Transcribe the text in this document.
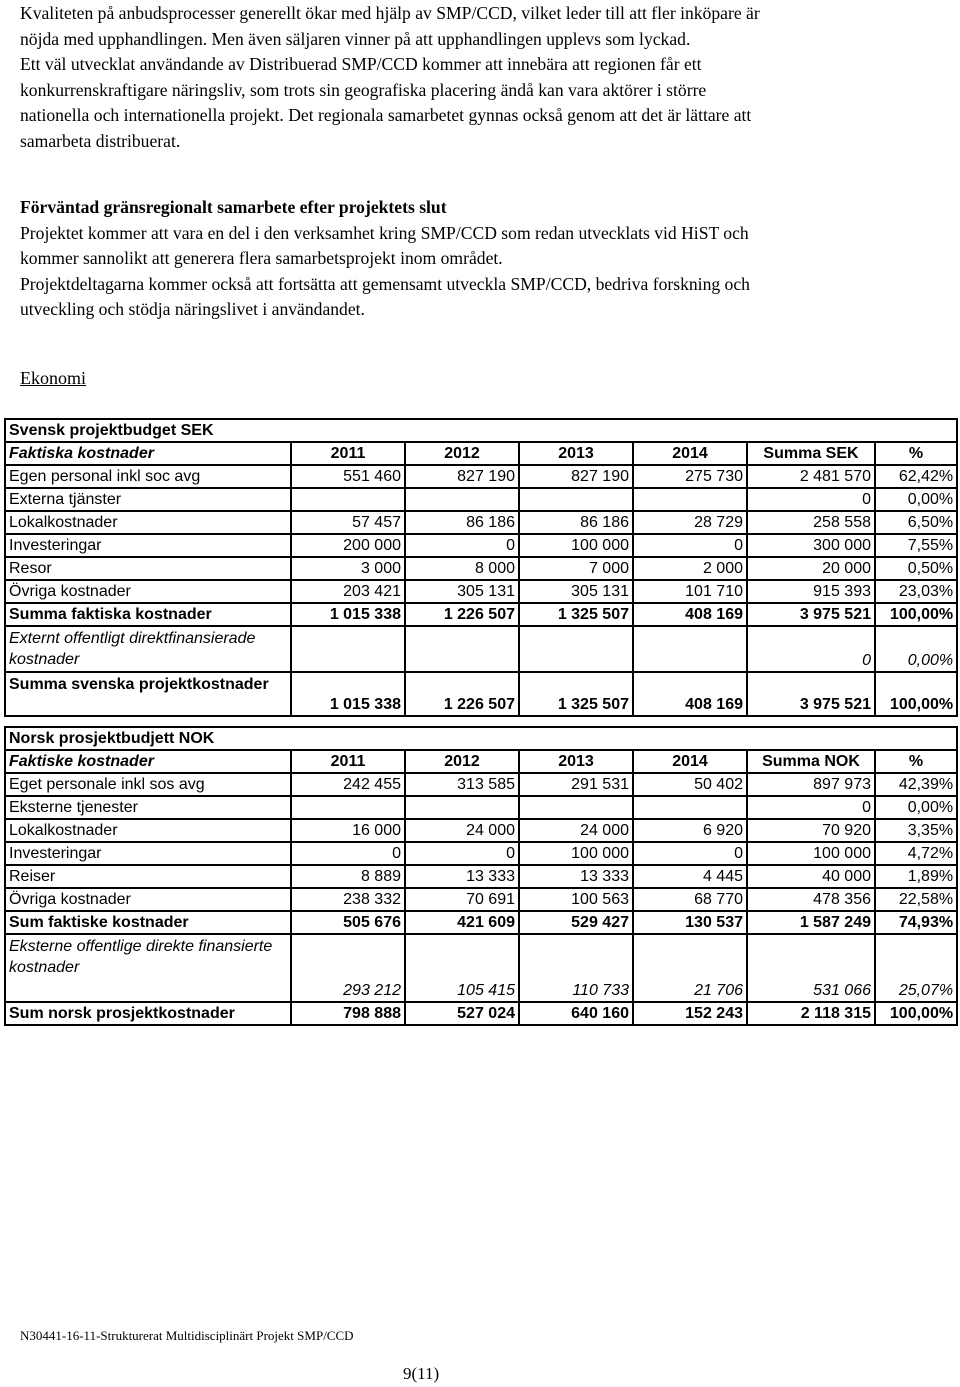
Kvaliteten på anbudsprocesser generellt ökar med hjälp av SMP/CCD, vilket leder till att fler inköpare är

nöjda med upphandlingen. Men även säljaren vinner på att upphandlingen upplevs som lyckad.

Ett väl utvecklat användande av Distribuerad SMP/CCD kommer att innebära att regionen får ett

konkurrenskraftigare näringsliv, som trots sin geografiska placering ändå kan vara aktörer i större

nationella och internationella projekt. Det regionala samarbetet gynnas också genom att det är lättare att

samarbeta distribuerat.

Förväntad gränsregionalt samarbete efter projektets slut

Projektet kommer att vara en del i den verksamhet kring SMP/CCD som redan utvecklats vid HiST och

kommer sannolikt att generera flera samarbetsprojekt inom området.

Projektdeltagarna kommer också att fortsätta att gemensamt utveckla SMP/CCD, bedriva forskning och

utveckling och stödja näringslivet i användandet.

Ekonomi
Svensk projektbudget SEK						
Faktiska kostnader	2011	2012	2013	2014	Summa SEK	%
Egen personal inkl soc avg	551 460	827 190	827 190	275 730	2 481 570	62,42%
Externa tjänster					0	0,00%
Lokalkostnader	57 457	86 186	86 186	28 729	258 558	6,50%
Investeringar	200 000	0	100 000	0	300 000	7,55%
Resor	3 000	8 000	7 000	2 000	20 000	0,50%
Övriga kostnader	203 421	305 131	305 131	101 710	915 393	23,03%
Summa faktiska kostnader	1 015 338	1 226 507	1 325 507	408 169	3 975 521	100,00%
Externt offentligt direktfinansierade kostnader					0	0,00%
Summa svenska projektkostnader	1 015 338	1 226 507	1 325 507	408 169	3 975 521	100,00%
Norsk prosjektbudjett NOK						
Faktiske kostnader	2011	2012	2013	2014	Summa NOK	%
Eget personale inkl sos avg	242 455	313 585	291 531	50 402	897 973	42,39%
Eksterne tjenester					0	0,00%
Lokalkostnader	16 000	24 000	24 000	6 920	70 920	3,35%
Investeringar	0	0	100 000	0	100 000	4,72%
Reiser	8 889	13 333	13 333	4 445	40 000	1,89%
Övriga kostnader	238 332	70 691	100 563	68 770	478 356	22,58%
Sum faktiske kostnader	505 676	421 609	529 427	130 537	1 587 249	74,93%
Eksterne offentlige direkte finansierte kostnader	293 212	105 415	110 733	21 706	531 066	25,07%
Sum norsk prosjektkostnader	798 888	527 024	640 160	152 243	2 118 315	100,00%
N30441-16-11-Strukturerat Multidisciplinärt Projekt SMP/CCD
9(11)
